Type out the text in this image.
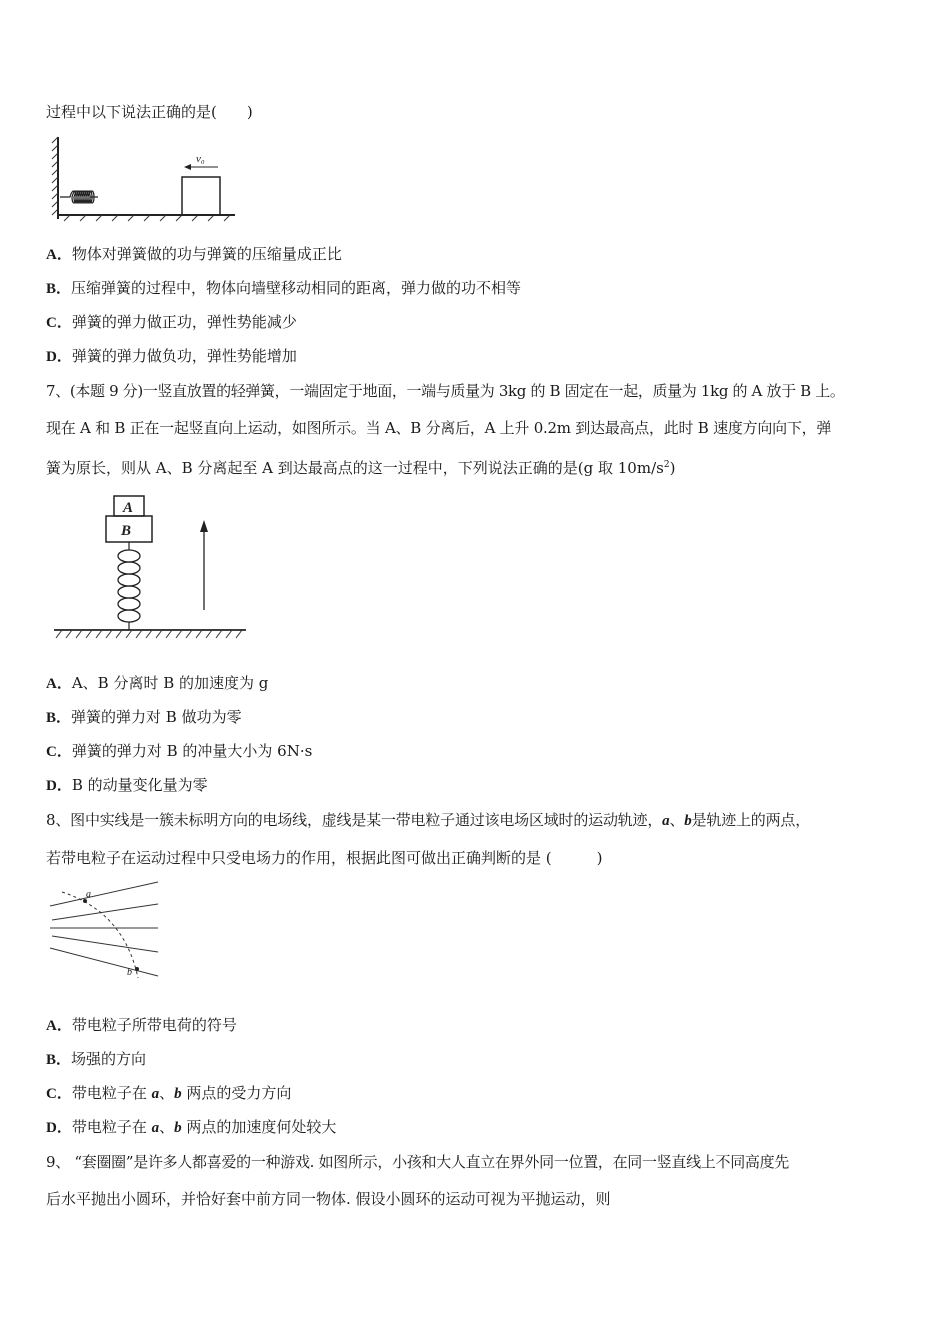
过程中以下说法正确的是(　　)
v₀
A．物体对弹簧做的功与弹簧的压缩量成正比
B．压缩弹簧的过程中，物体向墙壁移动相同的距离，弹力做的功不相等
C．弹簧的弹力做正功，弹性势能减少
D．弹簧的弹力做负功，弹性势能增加
7、(本题 9 分)一竖直放置的轻弹簧，一端固定于地面，一端与质量为 3kg 的 B 固定在一起，质量为 1kg 的 A 放于 B 上。
现在 A 和 B 正在一起竖直向上运动，如图所示。当 A、B 分离后，A 上升 0.2m 到达最高点，此时 B 速度方向向下，弹
簧为原长，则从 A、B 分离起至 A 到达最高点的这一过程中，下列说法正确的是(g 取 $10m/s^2$)
A
B
A．A、B 分离时 B 的加速度为 g
B．弹簧的弹力对 B 做功为零
C．弹簧的弹力对 B 的冲量大小为 6N·s
D．B 的动量变化量为零
8、图中实线是一簇未标明方向的电场线，虚线是某一带电粒子通过该电场区域时的运动轨迹，a、b是轨迹上的两点，
若带电粒子在运动过程中只受电场力的作用，根据此图可做出正确判断的是 (　　　)
a
b
A．带电粒子所带电荷的符号
B．场强的方向
C．带电粒子在 a、b 两点的受力方向
D．带电粒子在 a、b 两点的加速度何处较大
9、 “套圈圈”是许多人都喜爱的一种游戏. 如图所示，小孩和大人直立在界外同一位置，在同一竖直线上不同高度先
后水平抛出小圆环，并恰好套中前方同一物体. 假设小圆环的运动可视为平抛运动，则
